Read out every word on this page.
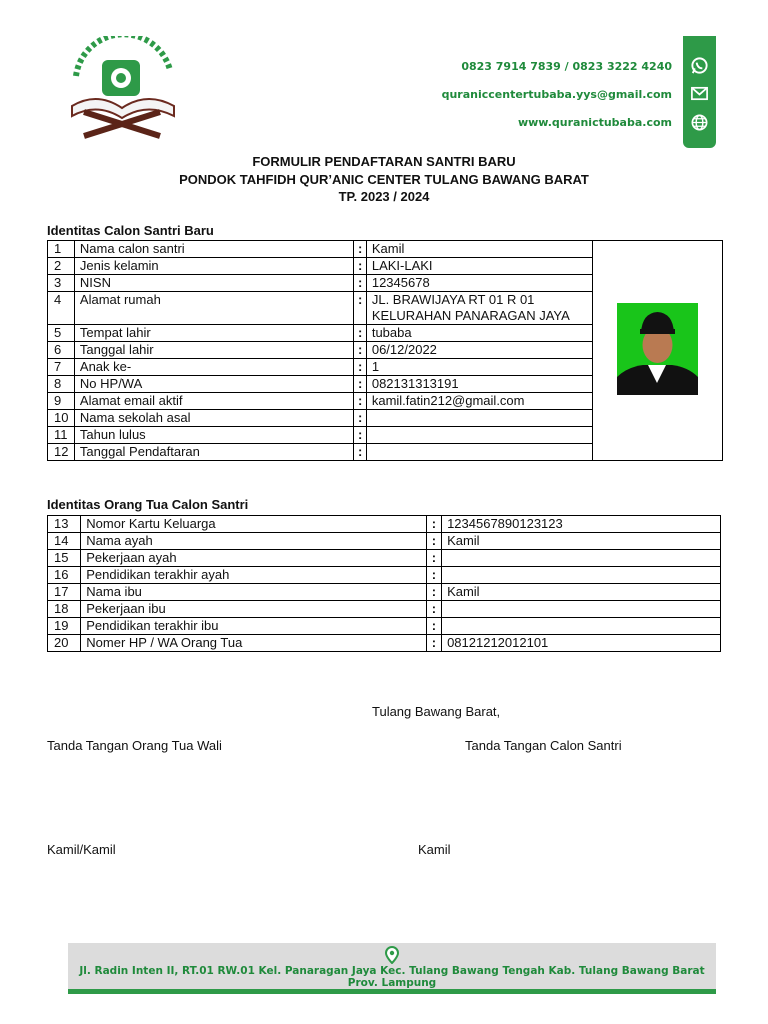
0823 7914 7839 / 0823 3222 4240
quraniccentertubaba.yys@gmail.com
www.quranictubaba.com
FORMULIR PENDAFTARAN SANTRI BARU
PONDOK TAHFIDH QUR’ANIC CENTER TULANG BAWANG BARAT
TP. 2023 / 2024
Identitas Calon Santri Baru
1	Nama calon santri	:	Kamil	
2	Jenis kelamin	:	LAKI-LAKI	
3	NISN	:	12345678	
4	Alamat rumah	:	JL. BRAWIJAYA RT 01 R 01 KELURAHAN PANARAGAN JAYA	
5	Tempat lahir	:	tubaba	
6	Tanggal lahir	:	06/12/2022	
7	Anak ke-	:	1	
8	No HP/WA	:	082131313191	
9	Alamat email aktif	:	kamil.fatin212@gmail.com	
10	Nama sekolah asal	:		
11	Tahun lulus	:		
12	Tanggal Pendaftaran	:		
Identitas Orang Tua Calon Santri
13	Nomor Kartu Keluarga	:	1234567890123123
14	Nama ayah	:	Kamil
15	Pekerjaan ayah	:	
16	Pendidikan terakhir ayah	:	
17	Nama ibu	:	Kamil
18	Pekerjaan ibu	:	
19	Pendidikan terakhir ibu	:	
20	Nomer HP / WA Orang Tua	:	08121212012101
Tulang Bawang Barat,
Tanda Tangan Orang Tua Wali	Tanda Tangan Calon Santri
Kamil/Kamil	Kamil
Jl. Radin Inten II, RT.01 RW.01 Kel. Panaragan Jaya Kec. Tulang Bawang Tengah Kab. Tulang Bawang Barat Prov. Lampung
